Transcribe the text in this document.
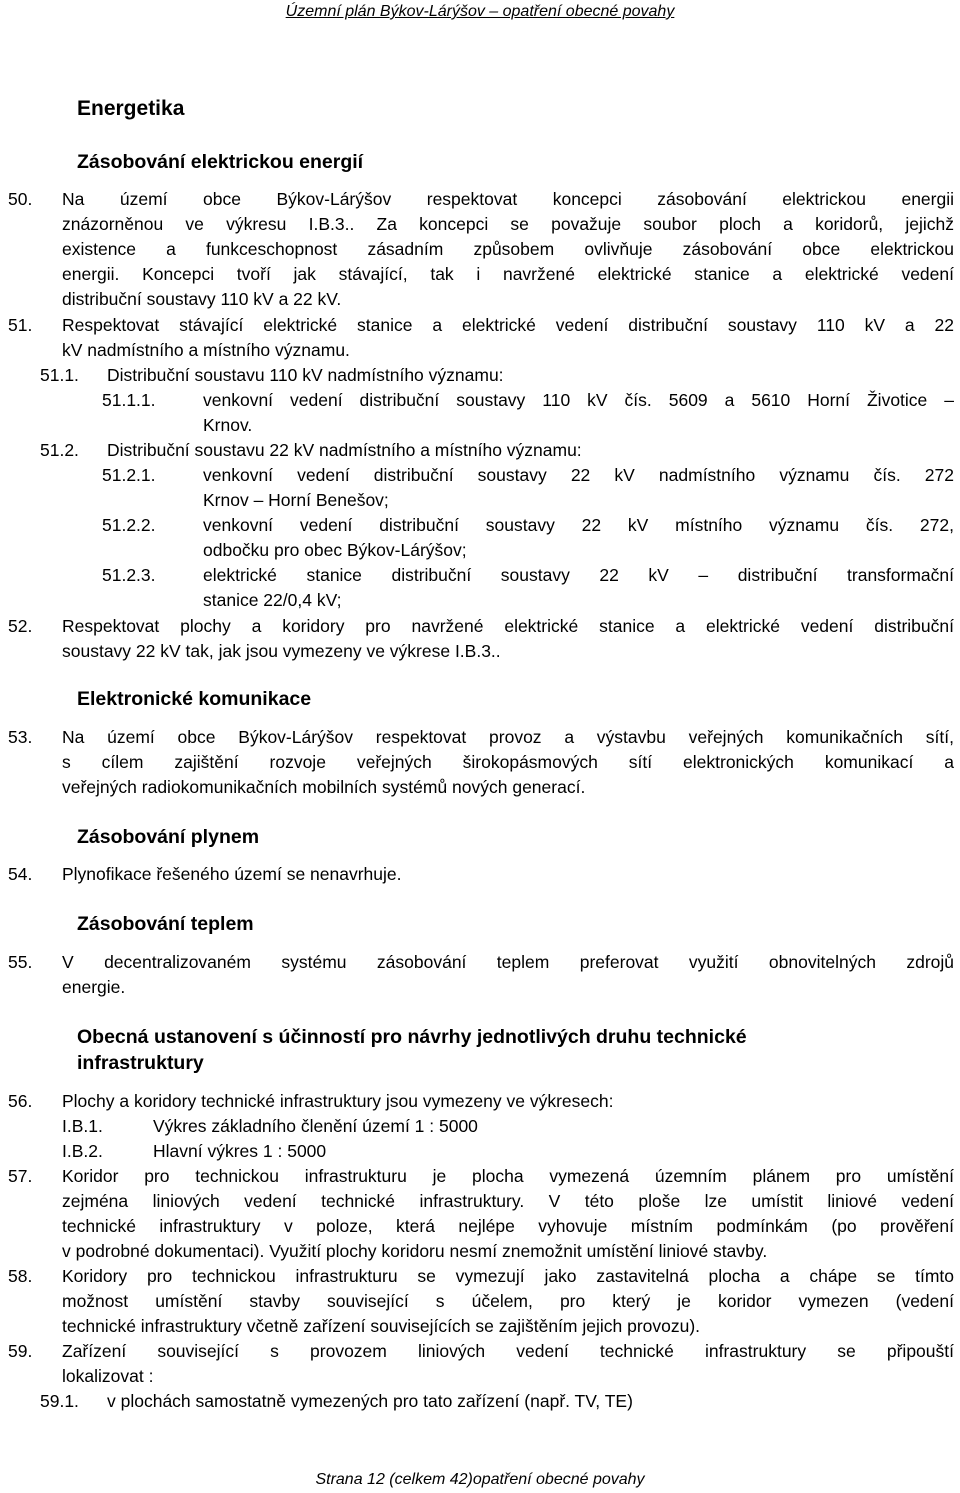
Územní plán Býkov-Lárýšov – opatření obecné povahy
Energetika
Zásobování elektrickou energií
50. Na území obce Býkov-Lárýšov respektovat koncepci zásobování elektrickou energii
znázorněnou ve výkresu I.B.3.. Za koncepci se považuje soubor ploch a koridorů, jejichž
existence a funkceschopnost zásadním způsobem ovlivňuje zásobování obce elektrickou
energii. Koncepci tvoří jak stávající, tak i navržené elektrické stanice a elektrické vedení
distribuční soustavy 110 kV a 22 kV.
51. Respektovat stávající elektrické stanice a elektrické vedení distribuční soustavy 110 kV a 22
kV nadmístního a místního významu.
51.1. Distribuční soustavu 110 kV nadmístního významu:
51.1.1.	venkovní vedení distribuční soustavy 110 kV čís. 5609 a 5610 Horní Životice –
Krnov.
51.2. Distribuční soustavu 22 kV nadmístního a místního významu:
51.2.1.	venkovní vedení distribuční soustavy 22 kV nadmístního významu čís. 272
Krnov – Horní Benešov;
51.2.2.	venkovní vedení distribuční soustavy 22 kV místního významu čís. 272,
odbočku pro obec Býkov-Lárýšov;
51.2.3.	elektrické stanice distribuční soustavy 22 kV – distribuční transformační
stanice 22/0,4 kV;
52. Respektovat plochy a koridory pro navržené elektrické stanice a elektrické vedení distribuční
soustavy 22 kV tak, jak jsou vymezeny ve výkrese I.B.3..
Elektronické komunikace
53. Na území obce Býkov-Lárýšov respektovat provoz a výstavbu veřejných komunikačních sítí,
s cílem zajištění rozvoje veřejných širokopásmových sítí elektronických komunikací a
veřejných radiokomunikačních mobilních systémů nových generací.
Zásobování plynem
54. Plynofikace řešeného území se nenavrhuje.
Zásobování teplem
55. V decentralizovaném systému zásobování teplem preferovat využití obnovitelných zdrojů
energie.
Obecná ustanovení s účinností pro návrhy jednotlivých druhu technické
infrastruktury
56. Plochy a koridory technické infrastruktury jsou vymezeny ve výkresech:
I.B.1.	Výkres základního členění území 1 : 5000
I.B.2.	Hlavní výkres 1 : 5000
57. Koridor pro technickou infrastrukturu je plocha vymezená územním plánem pro umístění
zejména liniových vedení technické infrastruktury. V této ploše lze umístit liniové vedení
technické infrastruktury v poloze, která nejlépe vyhovuje místním podmínkám (po prověření
v podrobné dokumentaci). Využití plochy koridoru nesmí znemožnit umístění liniové stavby.
58. Koridory pro technickou infrastrukturu se vymezují jako zastavitelná plocha a chápe se tímto
možnost umístění stavby související s účelem, pro který je koridor vymezen (vedení
technické infrastruktury včetně zařízení souvisejících se zajištěním jejich provozu).
59. Zařízení související s provozem liniových vedení technické infrastruktury se připouští
lokalizovat :
59.1. v plochách samostatně vymezených pro tato zařízení (např. TV, TE)
Strana 12 (celkem 42)opatření obecné povahy
